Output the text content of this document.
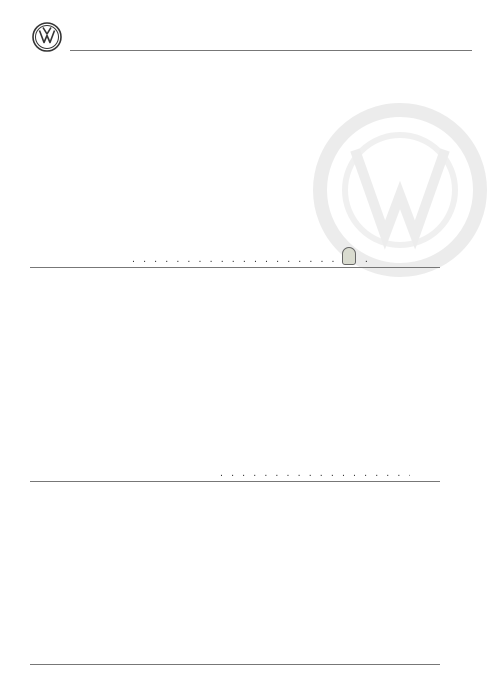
. . .
. . .
